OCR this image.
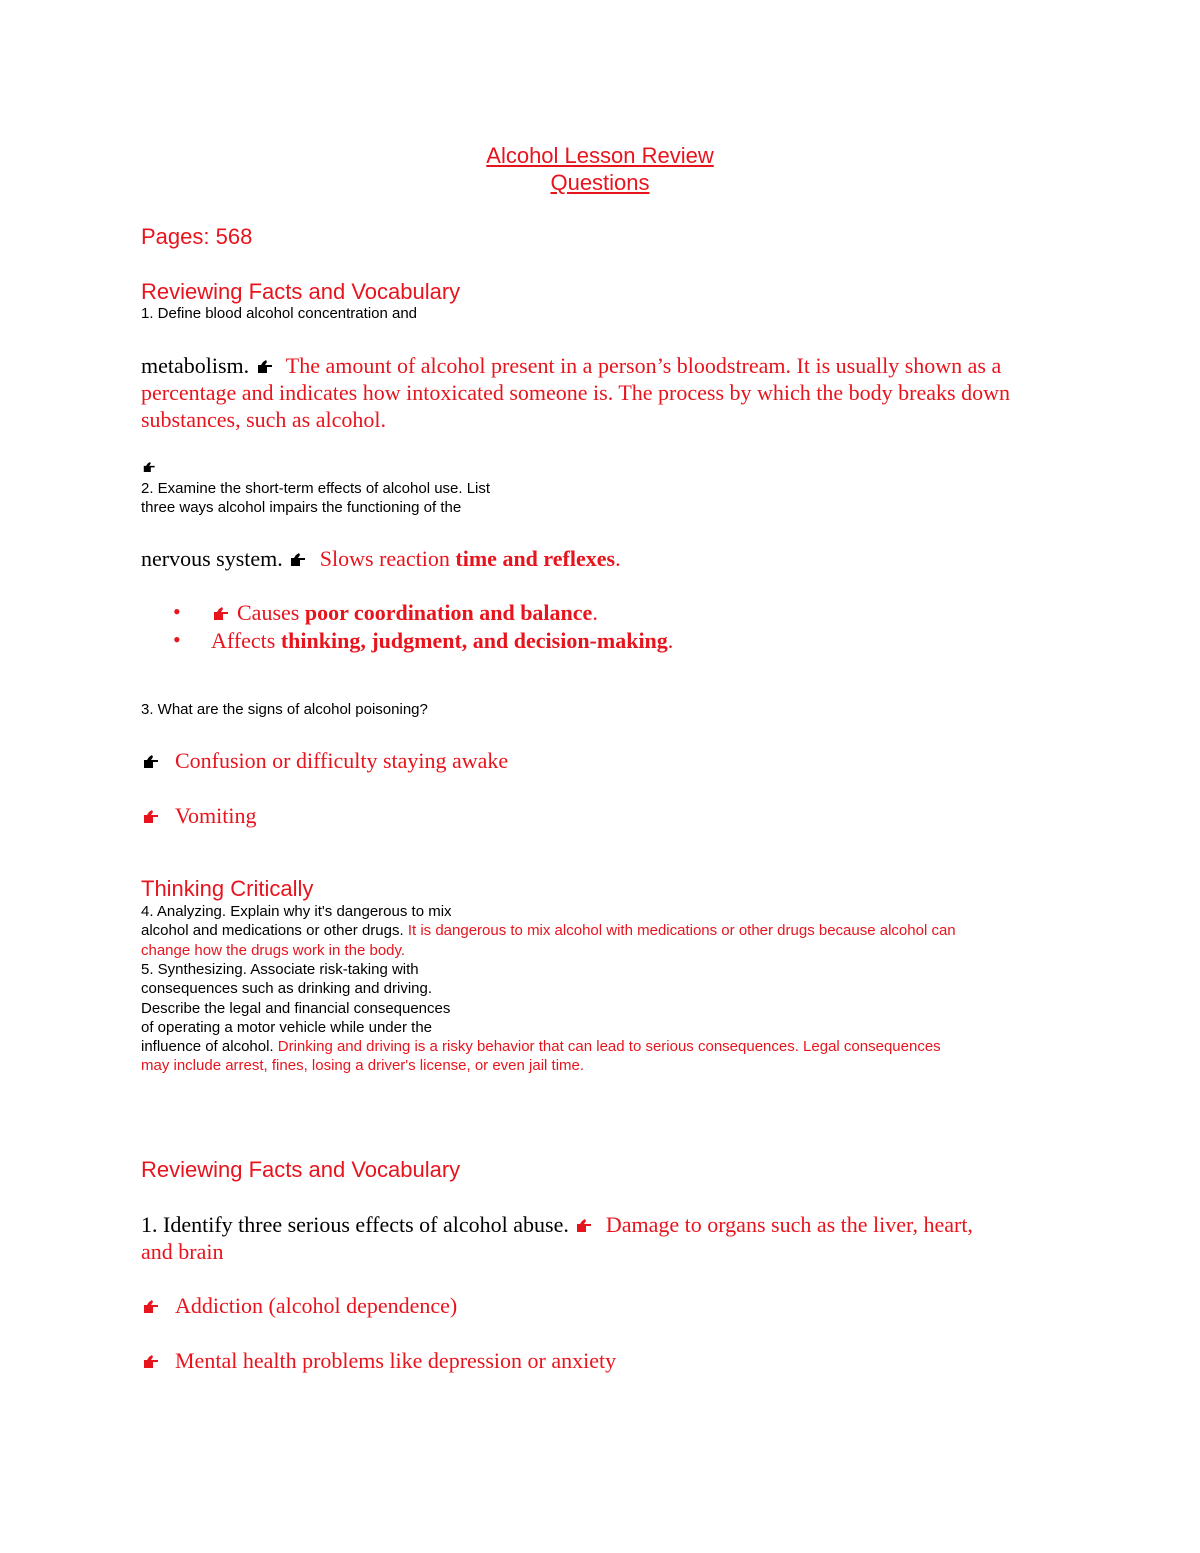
Alcohol Lesson Review
Questions
Pages: 568
Reviewing Facts and Vocabulary
1. Define blood alcohol concentration and
metabolism. The amount of alcohol present in a person’s bloodstream. It is usually shown as a percentage and indicates how intoxicated someone is. The process by which the body breaks down substances, such as alcohol.
2. Examine the short-term effects of alcohol use. List
three ways alcohol impairs the functioning of the
nervous system. Slows reaction time and reflexes.
•	Causes poor coordination and balance.
• Affects thinking, judgment, and decision-making.
3. What are the signs of alcohol poisoning?
Confusion or difficulty staying awake
Vomiting
Thinking Critically
4. Analyzing. Explain why it's dangerous to mix
alcohol and medications or other drugs. It is dangerous to mix alcohol with medications or other drugs because alcohol can
change how the drugs work in the body.
5. Synthesizing. Associate risk-taking with
consequences such as drinking and driving.
Describe the legal and financial consequences
of operating a motor vehicle while under the
influence of alcohol. Drinking and driving is a risky behavior that can lead to serious consequences. Legal consequences
may include arrest, fines, losing a driver's license, or even jail time.
Reviewing Facts and Vocabulary
1. Identify three serious effects of alcohol abuse. Damage to organs such as the liver, heart,
and brain
Addiction (alcohol dependence)
Mental health problems like depression or anxiety
